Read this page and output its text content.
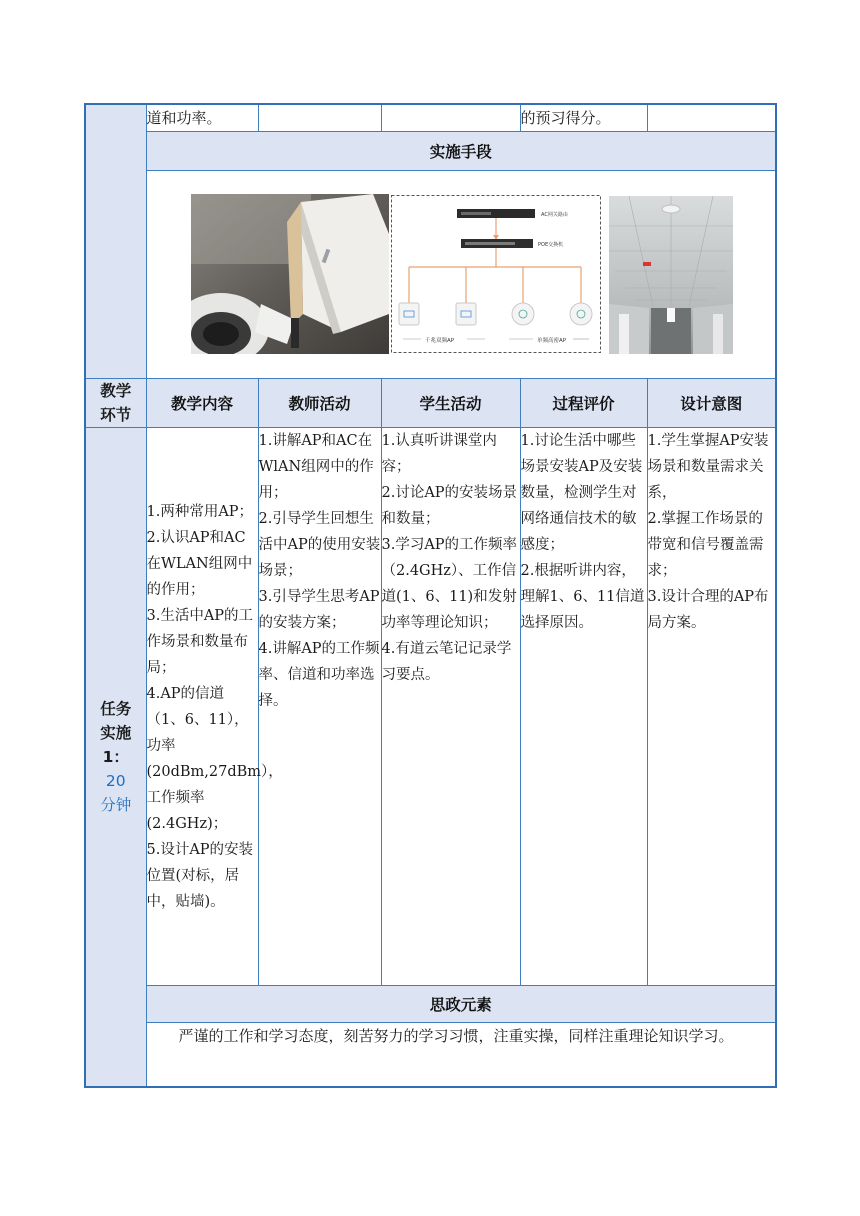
	道和功率。			的预习得分。	
	实施手段				

AC网关路由
POE交换机
千兆双频AP 单频高密AP				

教学环节	教学内容	教师活动	学生活动	过程评价	设计意图
任务实施1： 20分钟	1.两种常用AP；
2.认识AP和AC在WLAN组网中的作用；
3.生活中AP的工作场景和数量布局；
4.AP的信道（1、6、11），功率(20dBm,27dBm），工作频率(2.4GHz)；
5.设计AP的安装位置(对标，居中，贴墙)。	1.讲解AP和AC在WlAN组网中的作用；
2.引导学生回想生活中AP的使用安装场景；
3.引导学生思考AP的安装方案；
4.讲解AP的工作频率、信道和功率选择。	1.认真听讲课堂内容；
2.讨论AP的安装场景和数量；
3.学习AP的工作频率（2.4GHz）、工作信道(1、6、11)和发射功率等理论知识；
4.有道云笔记记录学习要点。	1.讨论生活中哪些场景安装AP及安装数量，检测学生对网络通信技术的敏感度；
2.根据听讲内容，理解1、6、11信道选择原因。	1.学生掌握AP安装场景和数量需求关系，
2.掌握工作场景的带宽和信号覆盖需求；
3.设计合理的AP布局方案。
	思政元素				
	严谨的工作和学习态度，刻苦努力的学习习惯，注重实操，同样注重理论知识学习。				
